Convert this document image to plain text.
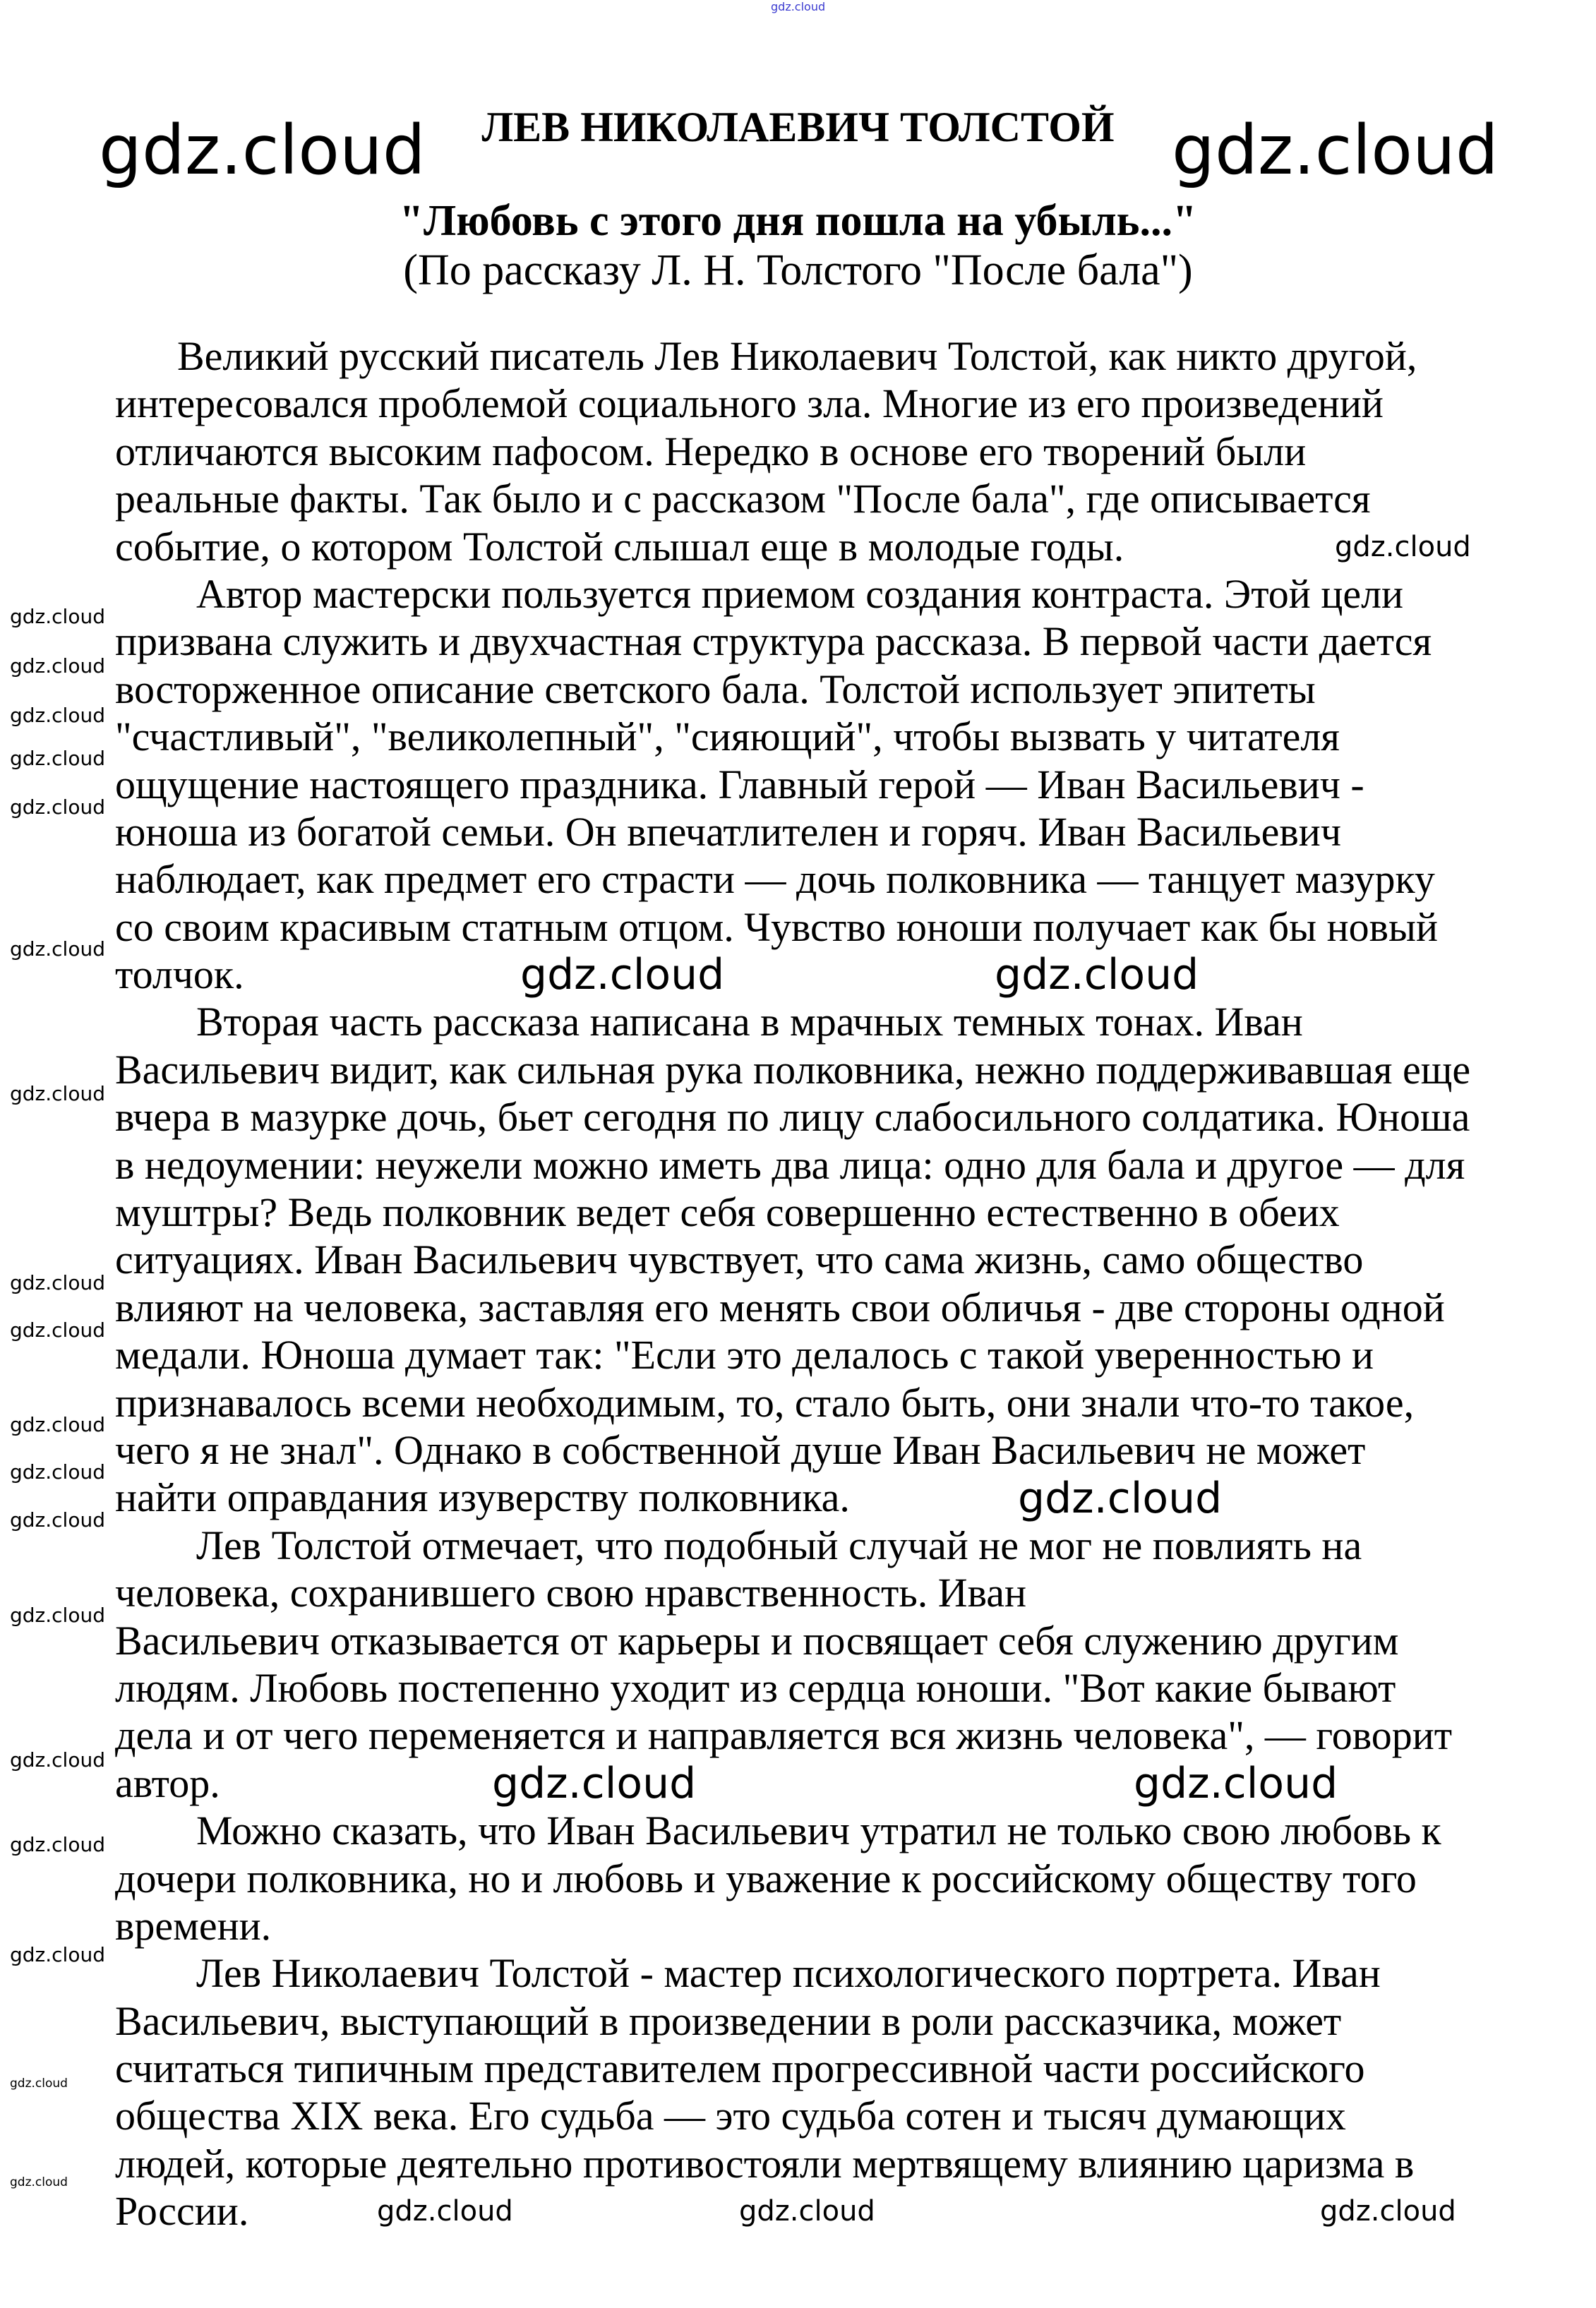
gdz.cloud
ЛЕВ НИКОЛАЕВИЧ ТОЛСТОЙ
"Любовь с этого дня пошла на убыль..."
(По рассказу Л. Н. Толстого "После бала")
Великий русский писатель Лев Николаевич Толстой, как никто другой,
интересовался проблемой социального зла. Многие из его произведений
отличаются высоким пафосом. Нередко в основе его творений были
реальные факты. Так было и с рассказом "После бала", где описывается
событие, о котором Толстой слышал еще в молодые годы.
Автор мастерски пользуется приемом создания контраста. Этой цели
призвана служить и двухчастная структура рассказа. В первой части дается
восторженное описание светского бала. Толстой использует эпитеты
"счастливый", "великолепный", "сияющий", чтобы вызвать у читателя
ощущение настоящего праздника. Главный герой — Иван Васильевич -
юноша из богатой семьи. Он впечатлителен и горяч. Иван Васильевич
наблюдает, как предмет его страсти — дочь полковника — танцует мазурку
со своим красивым статным отцом. Чувство юноши получает как бы новый
толчок.
Вторая часть рассказа написана в мрачных темных тонах. Иван
Васильевич видит, как сильная рука полковника, нежно поддерживавшая еще
вчера в мазурке дочь, бьет сегодня по лицу слабосильного солдатика. Юноша
в недоумении: неужели можно иметь два лица: одно для бала и другое — для
муштры? Ведь полковник ведет себя совершенно естественно в обеих
ситуациях. Иван Васильевич чувствует, что сама жизнь, само общество
влияют на человека, заставляя его менять свои обличья - две стороны одной
медали. Юноша думает так: "Если это делалось с такой уверенностью и
признавалось всеми необходимым, то, стало быть, они знали что-то такое,
чего я не знал". Однако в собственной душе Иван Васильевич не может
найти оправдания изуверству полковника.
Лев Толстой отмечает, что подобный случай не мог не повлиять на
человека, сохранившего свою нравственность. Иван
Васильевич отказывается от карьеры и посвящает себя служению другим
людям. Любовь постепенно уходит из сердца юноши. "Вот какие бывают
дела и от чего переменяется и направляется вся жизнь человека", — говорит
автор.
Можно сказать, что Иван Васильевич утратил не только свою любовь к
дочери полковника, но и любовь и уважение к российскому обществу того
времени.
Лев Николаевич Толстой - мастер психологического портрета. Иван
Васильевич, выступающий в произведении в роли рассказчика, может
считаться типичным представителем прогрессивной части российского
общества XIX века. Его судьба — это судьба сотен и тысяч думающих
людей, которые деятельно противостояли мертвящему влиянию царизма в
России.
gdz.cloud	gdz.cloud
gdz.cloud	gdz.cloud
gdz.cloud
gdz.cloud	gdz.cloud
gdz.cloud	gdz.cloud	gdz.cloud
gdz.cloud
gdz.cloud
gdz.cloud
gdz.cloud
gdz.cloud
gdz.cloud
gdz.cloud
gdz.cloud
gdz.cloud
gdz.cloud
gdz.cloud
gdz.cloud
gdz.cloud
gdz.cloud
gdz.cloud
gdz.cloud
gdz.cloud
gdz.cloud
gdz.cloud
